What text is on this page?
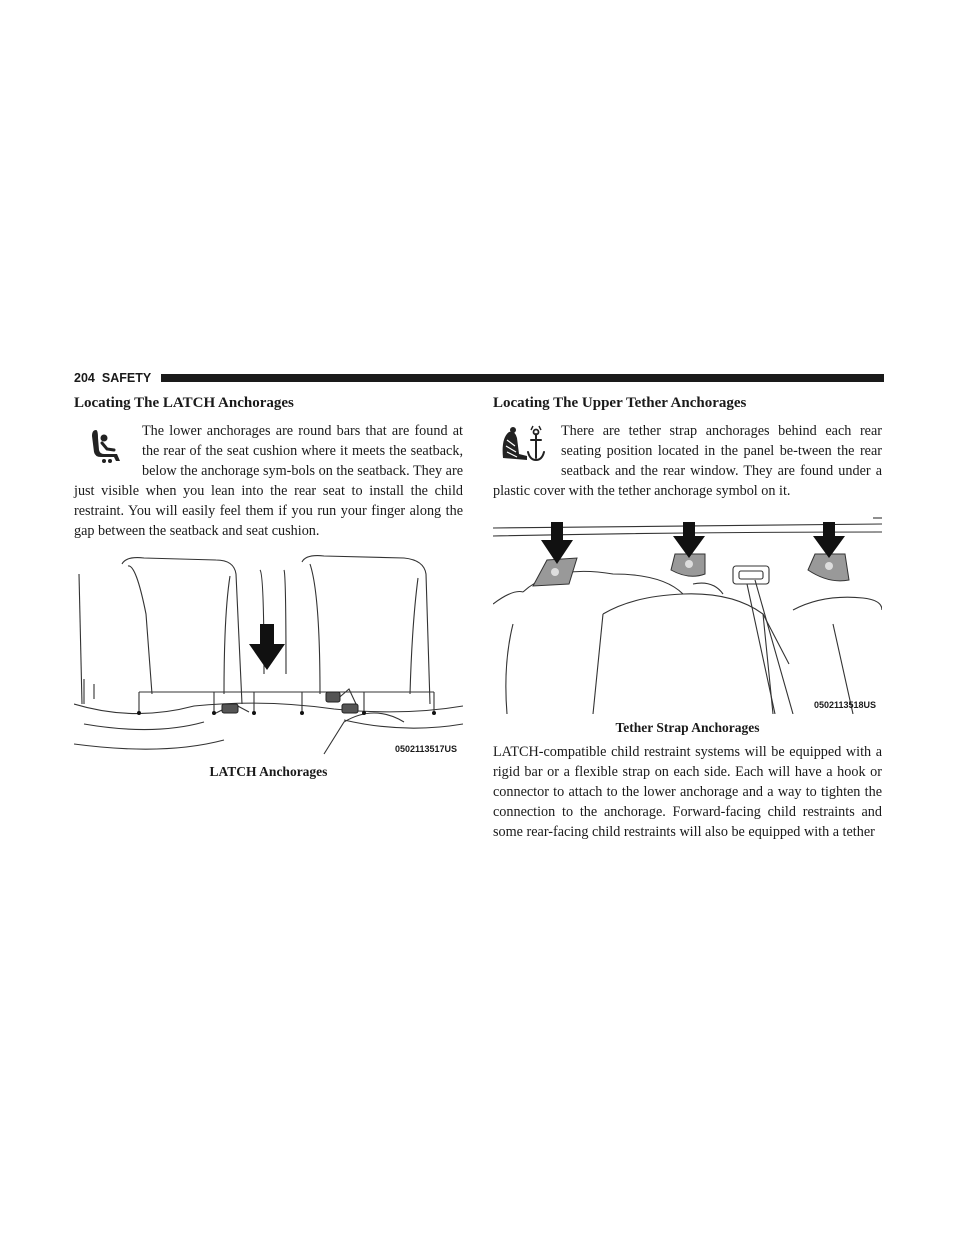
204 SAFETY
Locating The LATCH Anchorages

The lower anchorages are round bars that are found at the rear of the seat cushion where it meets the seatback, below the anchorage sym-bols on the seatback. They are just visible when you lean into the rear seat to install the child restraint. You will easily feel them if you run your finger along the gap between the seatback and seat cushion.

0502113517US
LATCH Anchorages
Locating The Upper Tether Anchorages

There are tether strap anchorages behind each rear seating position located in the panel be-tween the rear seatback and the rear window. They are found under a plastic cover with the tether anchorage symbol on it.

0502113518US
Tether Strap Anchorages

LATCH-compatible child restraint systems will be equipped with a rigid bar or a flexible strap on each side. Each will have a hook or connector to attach to the lower anchorage and a way to tighten the connection to the anchorage. Forward-facing child restraints and some rear-facing child restraints will also be equipped with a tether
